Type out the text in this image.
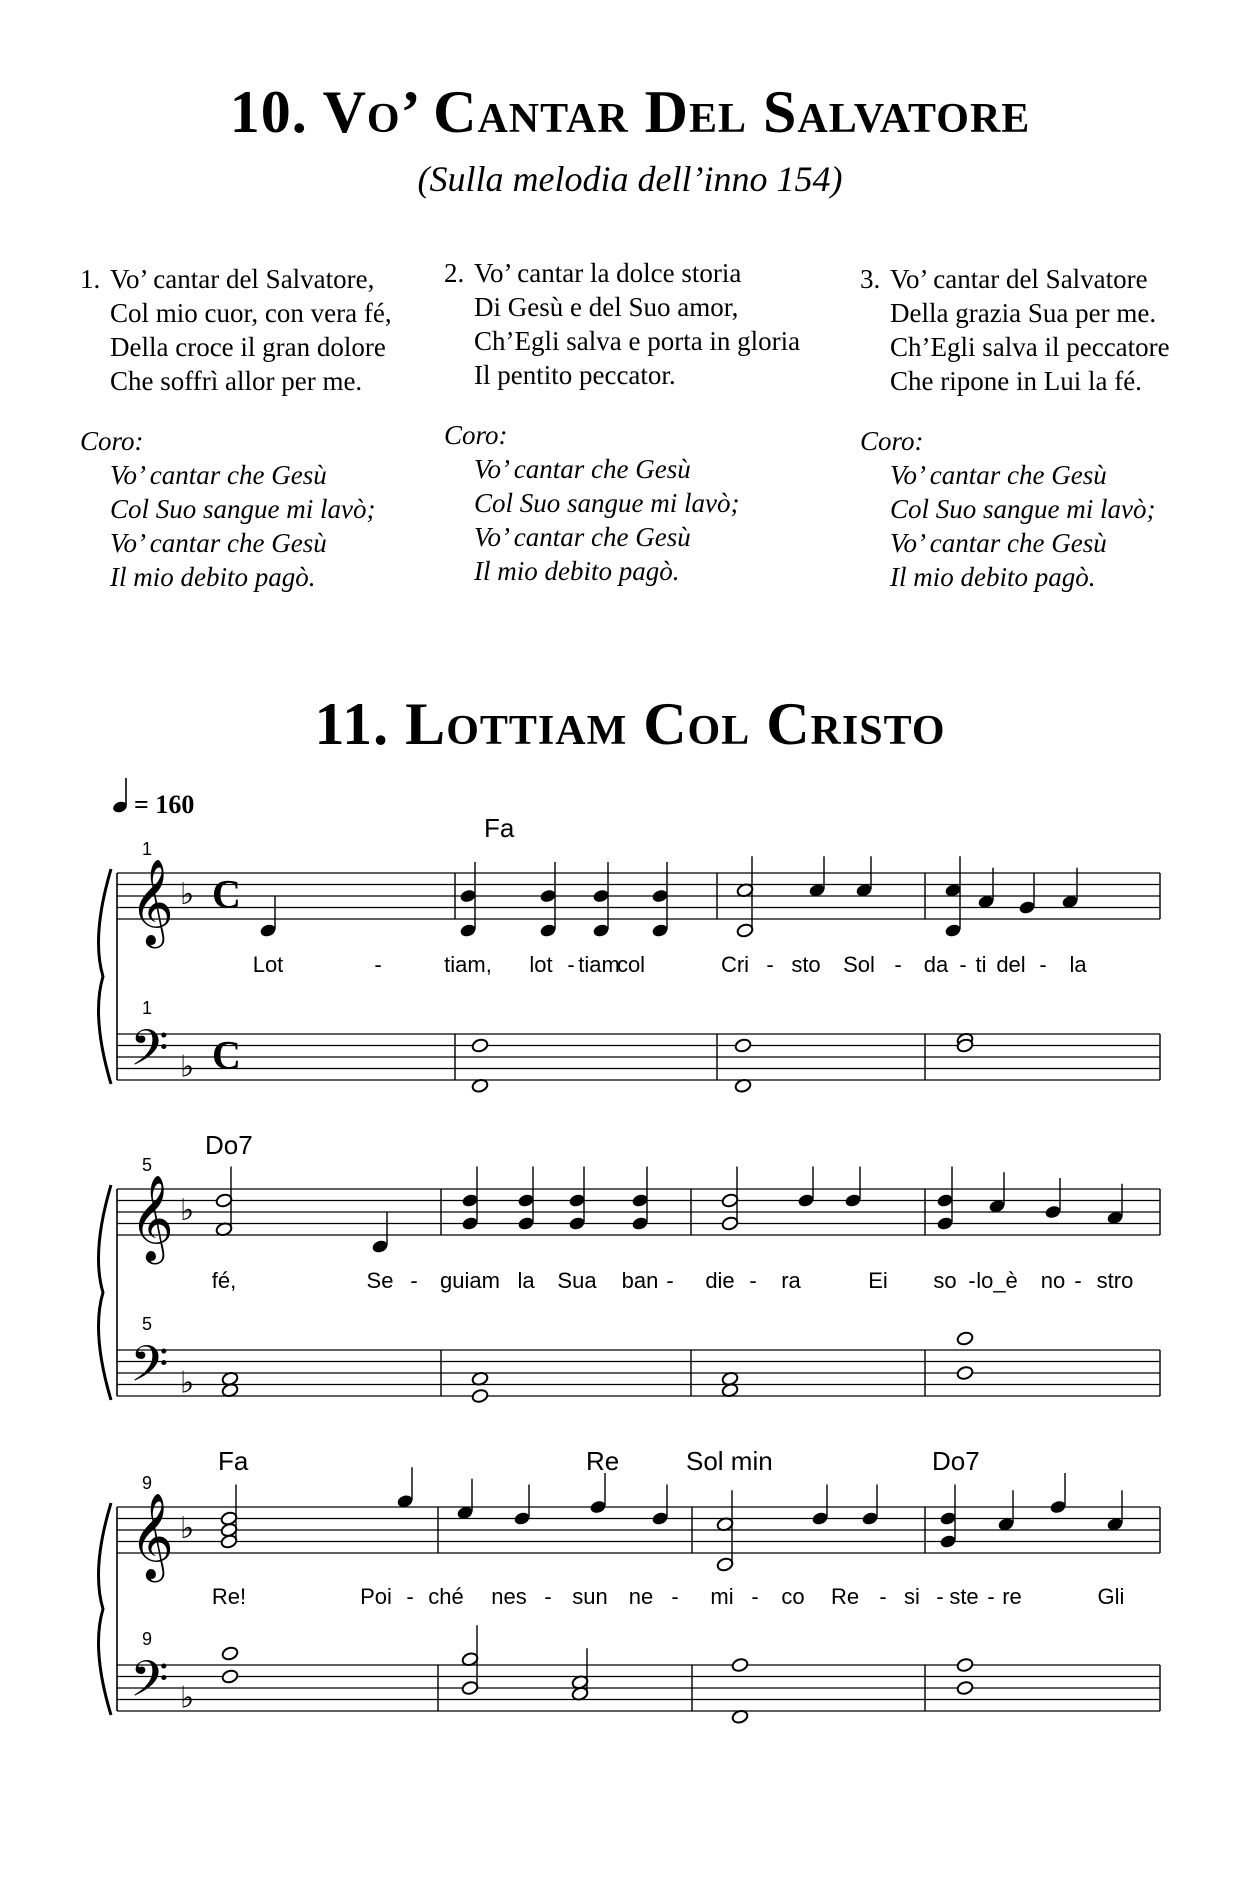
10. Vo’ Cantar Del Salvatore
(Sulla melodia dell’inno 154)
1. Vo’ cantar del Salvatore,
Col mio cuor, con vera fé,
Della croce il gran dolore
Che soffrì allor per me.
Coro:
Vo’ cantar che Gesù
Col Suo sangue mi lavò;
Vo’ cantar che Gesù
Il mio debito pagò.
2. Vo’ cantar la dolce storia
Di Gesù e del Suo amor,
Ch’Egli salva e porta in gloria
Il pentito peccator.
Coro:
Vo’ cantar che Gesù
Col Suo sangue mi lavò;
Vo’ cantar che Gesù
Il mio debito pagò.
3. Vo’ cantar del Salvatore
Della grazia Sua per me.
Ch’Egli salva il peccatore
Che ripone in Lui la fé.
Coro:
Vo’ cantar che Gesù
Col Suo sangue mi lavò;
Vo’ cantar che Gesù
Il mio debito pagò.
11. Lottiam Col Cristo
= 160
𝄞
𝄢
♭
♭
C
C
1
1
Fa
Lot	-	tiam, lot - tiam
col	Cri - sto Sol - da - ti del - la
𝄞
𝄢
♭
♭
5
5
Do7
fé,	Se - guiam la Sua ban - die - ra	Ei so - lo_è no - stro
𝄞
𝄢
♭
♭
9
9
Fa	Re	Sol min	Do7
Re!	Poi - ché nes - sun ne - mi - co Re - si - ste - re	Gli
